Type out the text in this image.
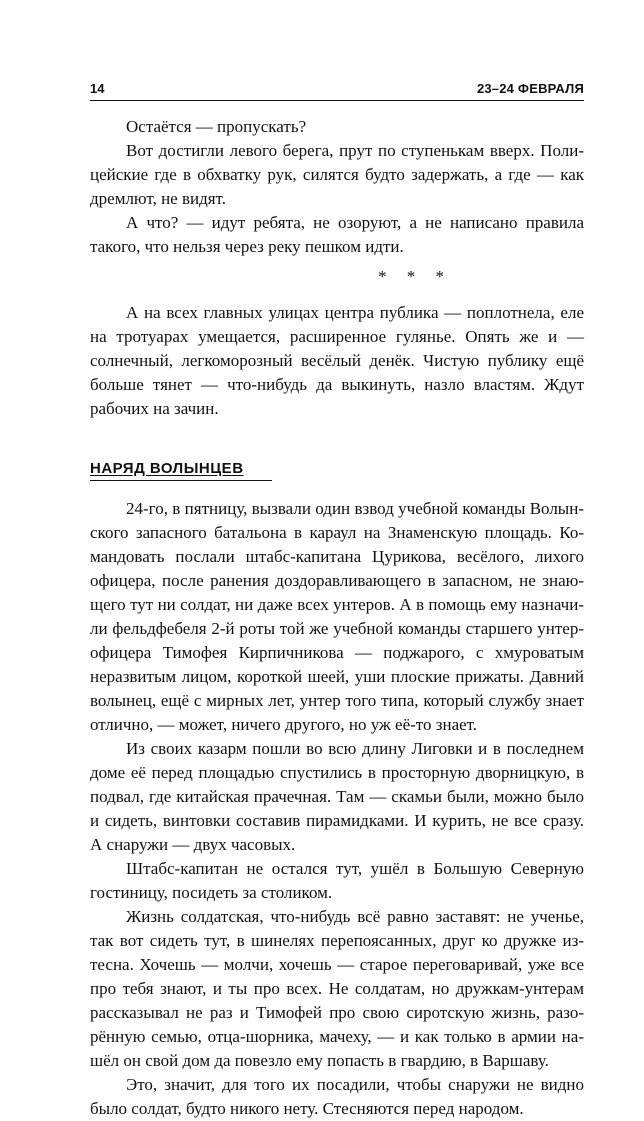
14	23–24 ФЕВРАЛЯ

Остаётся — пропускать?

Вот достигли левого берега, прут по ступенькам вверх. Полицейские где в обхватку рук, силятся будто задержать, а где — как дремлют, не видят.

А что? — идут ребята, не озоруют, а не написано правила такого, что нельзя через реку пешком идти.

* * *

А на всех главных улицах центра публика — поплотнела, еле на тротуарах умещается, расширенное гулянье. Опять же и — солнечный, легкоморозный весёлый денёк. Чистую публику ещё больше тянет — что-нибудь да выкинуть, назло властям. Ждут рабочих на зачин.

НАРЯД ВОЛЫНЦЕВ

24-го, в пятницу, вызвали один взвод учебной команды Волынского запасного батальона в караул на Знаменскую площадь. Командовать послали штабс-капитана Цурикова, весёлого, лихого офицера, после ранения доздоравливающего в запасном, не знающего тут ни солдат, ни даже всех унтеров. А в помощь ему назначили фельдфебеля 2-й роты той же учебной команды старшего унтер-офицера Тимофея Кирпичникова — поджарого, с хмуроватым неразвитым лицом, короткой шеей, уши плоские прижаты. Давний волынец, ещё с мирных лет, унтер того типа, который службу знает отлично, — может, ничего другого, но уж её-то знает.

Из своих казарм пошли во всю длину Лиговки и в последнем доме её перед площадью спустились в просторную дворницкую, в подвал, где китайская прачечная. Там — скамьи были, можно было и сидеть, винтовки составив пирамидками. И курить, не все сразу. А снаружи — двух часовых.

Штабс-капитан не остался тут, ушёл в Большую Северную гостиницу, посидеть за столиком.

Жизнь солдатская, что-нибудь всё равно заставят: не ученье, так вот сидеть тут, в шинелях перепоясанных, друг ко дружке изтесна. Хочешь — молчи, хочешь — старое переговаривай, уже все про тебя знают, и ты про всех. Не солдатам, но дружкам-унтерам рассказывал не раз и Тимофей про свою сиротскую жизнь, разорённую семью, отца-шорника, мачеху, — и как только в армии нашёл он свой дом да повезло ему попасть в гвардию, в Варшаву.

Это, значит, для того их посадили, чтобы снаружи не видно было солдат, будто никого нету. Стесняются перед народом.
